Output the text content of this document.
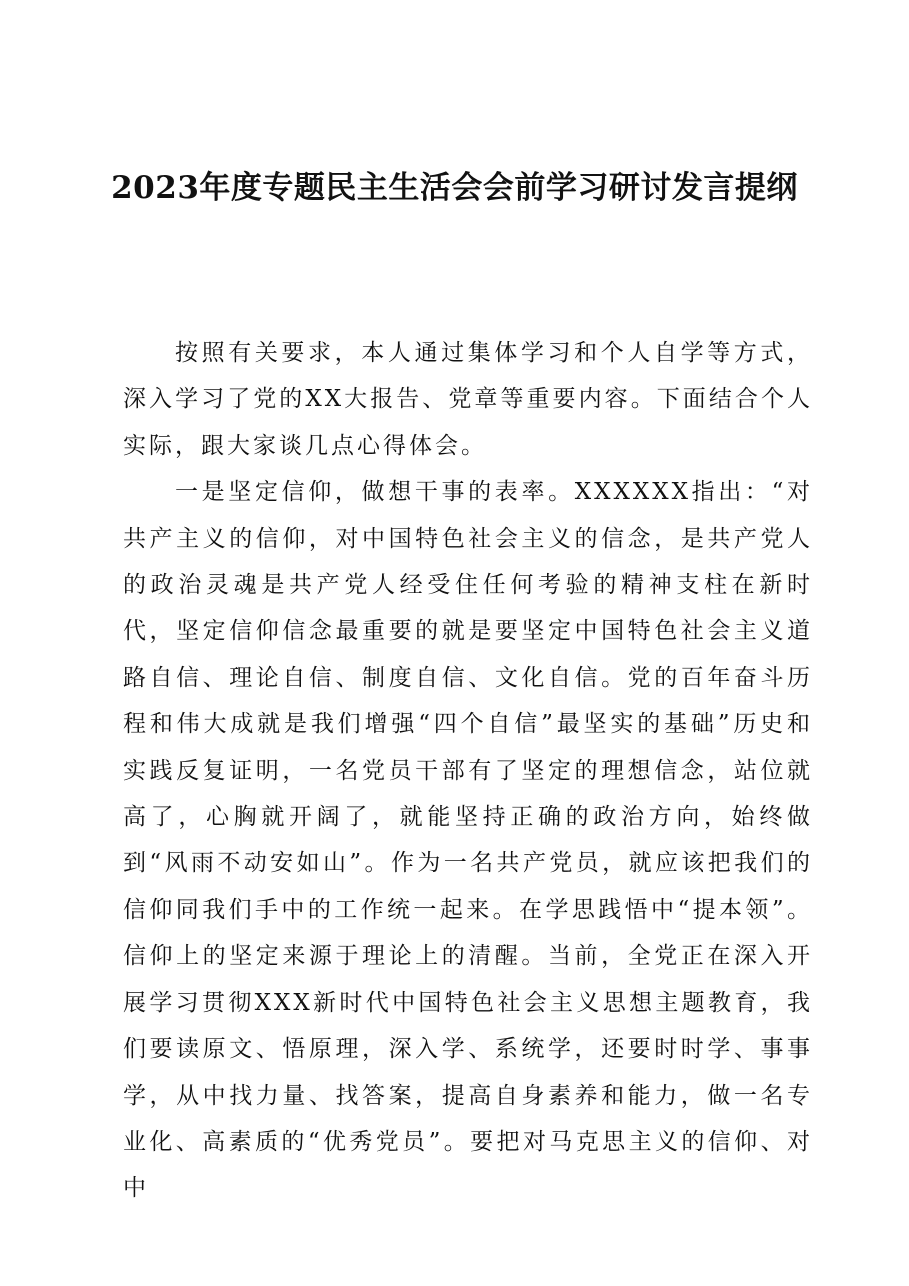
2023年度专题民主生活会会前学习研讨发言提纲

按照有关要求，本人通过集体学习和个人自学等方式，深入学习了党的XX大报告、党章等重要内容。下面结合个人实际，跟大家谈几点心得体会。

一是坚定信仰，做想干事的表率。XXXXXX指出：“对共产主义的信仰，对中国特色社会主义的信念，是共产党人的政治灵魂是共产党人经受住任何考验的精神支柱在新时代，坚定信仰信念最重要的就是要坚定中国特色社会主义道路自信、理论自信、制度自信、文化自信。党的百年奋斗历程和伟大成就是我们增强“四个自信”最坚实的基础”历史和实践反复证明，一名党员干部有了坚定的理想信念，站位就高了，心胸就开阔了，就能坚持正确的政治方向，始终做到“风雨不动安如山”。作为一名共产党员，就应该把我们的信仰同我们手中的工作统一起来。在学思践悟中“提本领”。信仰上的坚定来源于理论上的清醒。当前，全党正在深入开展学习贯彻XXX新时代中国特色社会主义思想主题教育，我们要读原文、悟原理，深入学、系统学，还要时时学、事事学，从中找力量、找答案，提高自身素养和能力，做一名专业化、高素质的“优秀党员”。要把对马克思主义的信仰、对中
